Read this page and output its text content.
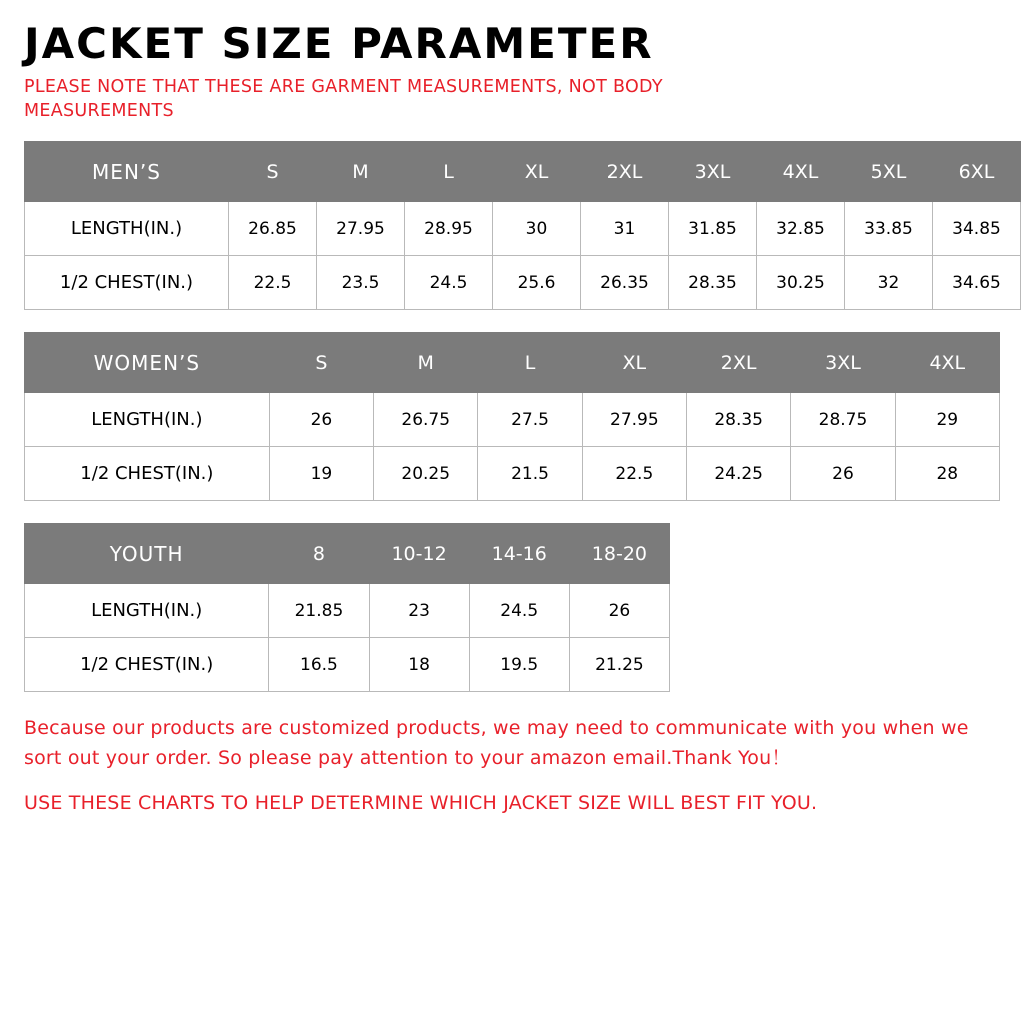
JACKET SIZE PARAMETER

PLEASE NOTE THAT THESE ARE GARMENT MEASUREMENTS, NOT BODY MEASUREMENTS

MEN’S	S	M	L	XL	2XL	3XL	4XL	5XL	6XL
LENGTH(IN.)	26.85	27.95	28.95	30	31	31.85	32.85	33.85	34.85
1/2 CHEST(IN.)	22.5	23.5	24.5	25.6	26.35	28.35	30.25	32	34.65
WOMEN’S	S	M	L	XL	2XL	3XL	4XL
LENGTH(IN.)	26	26.75	27.5	27.95	28.35	28.75	29
1/2 CHEST(IN.)	19	20.25	21.5	22.5	24.25	26	28
YOUTH	8	10-12	14-16	18-20
LENGTH(IN.)	21.85	23	24.5	26
1/2 CHEST(IN.)	16.5	18	19.5	21.25

Because our products are customized products, we may need to communicate with you when we sort out your order. So please pay attention to your amazon email.Thank You！

USE THESE CHARTS TO HELP DETERMINE WHICH JACKET SIZE WILL BEST FIT YOU.
